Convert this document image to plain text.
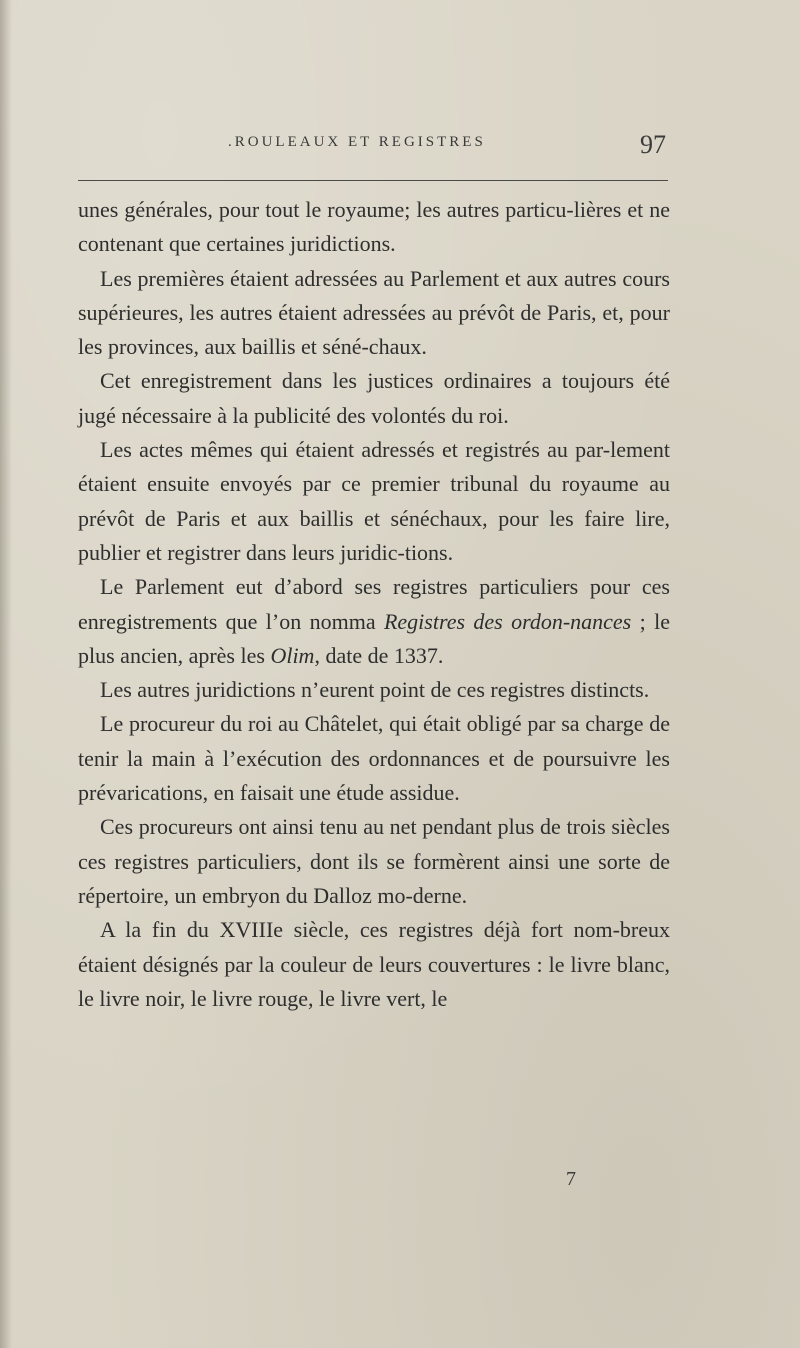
.ROULEAUX ET REGISTRES	97

unes générales, pour tout le royaume; les autres particu-lières et ne contenant que certaines juridictions.

Les premières étaient adressées au Parlement et aux autres cours supérieures, les autres étaient adressées au prévôt de Paris, et, pour les provinces, aux baillis et séné-chaux.

Cet enregistrement dans les justices ordinaires a toujours été jugé nécessaire à la publicité des volontés du roi.

Les actes mêmes qui étaient adressés et registrés au par-lement étaient ensuite envoyés par ce premier tribunal du royaume au prévôt de Paris et aux baillis et sénéchaux, pour les faire lire, publier et registrer dans leurs juridic-tions.

Le Parlement eut d’abord ses registres particuliers pour ces enregistrements que l’on nomma Registres des ordon-nances ; le plus ancien, après les Olim, date de 1337.

Les autres juridictions n’eurent point de ces registres distincts.

Le procureur du roi au Châtelet, qui était obligé par sa charge de tenir la main à l’exécution des ordonnances et de poursuivre les prévarications, en faisait une étude assidue.

Ces procureurs ont ainsi tenu au net pendant plus de trois siècles ces registres particuliers, dont ils se formèrent ainsi une sorte de répertoire, un embryon du Dalloz mo-derne.

A la fin du XVIIIe siècle, ces registres déjà fort nom-breux étaient désignés par la couleur de leurs couvertures : le livre blanc, le livre noir, le livre rouge, le livre vert, le

7
